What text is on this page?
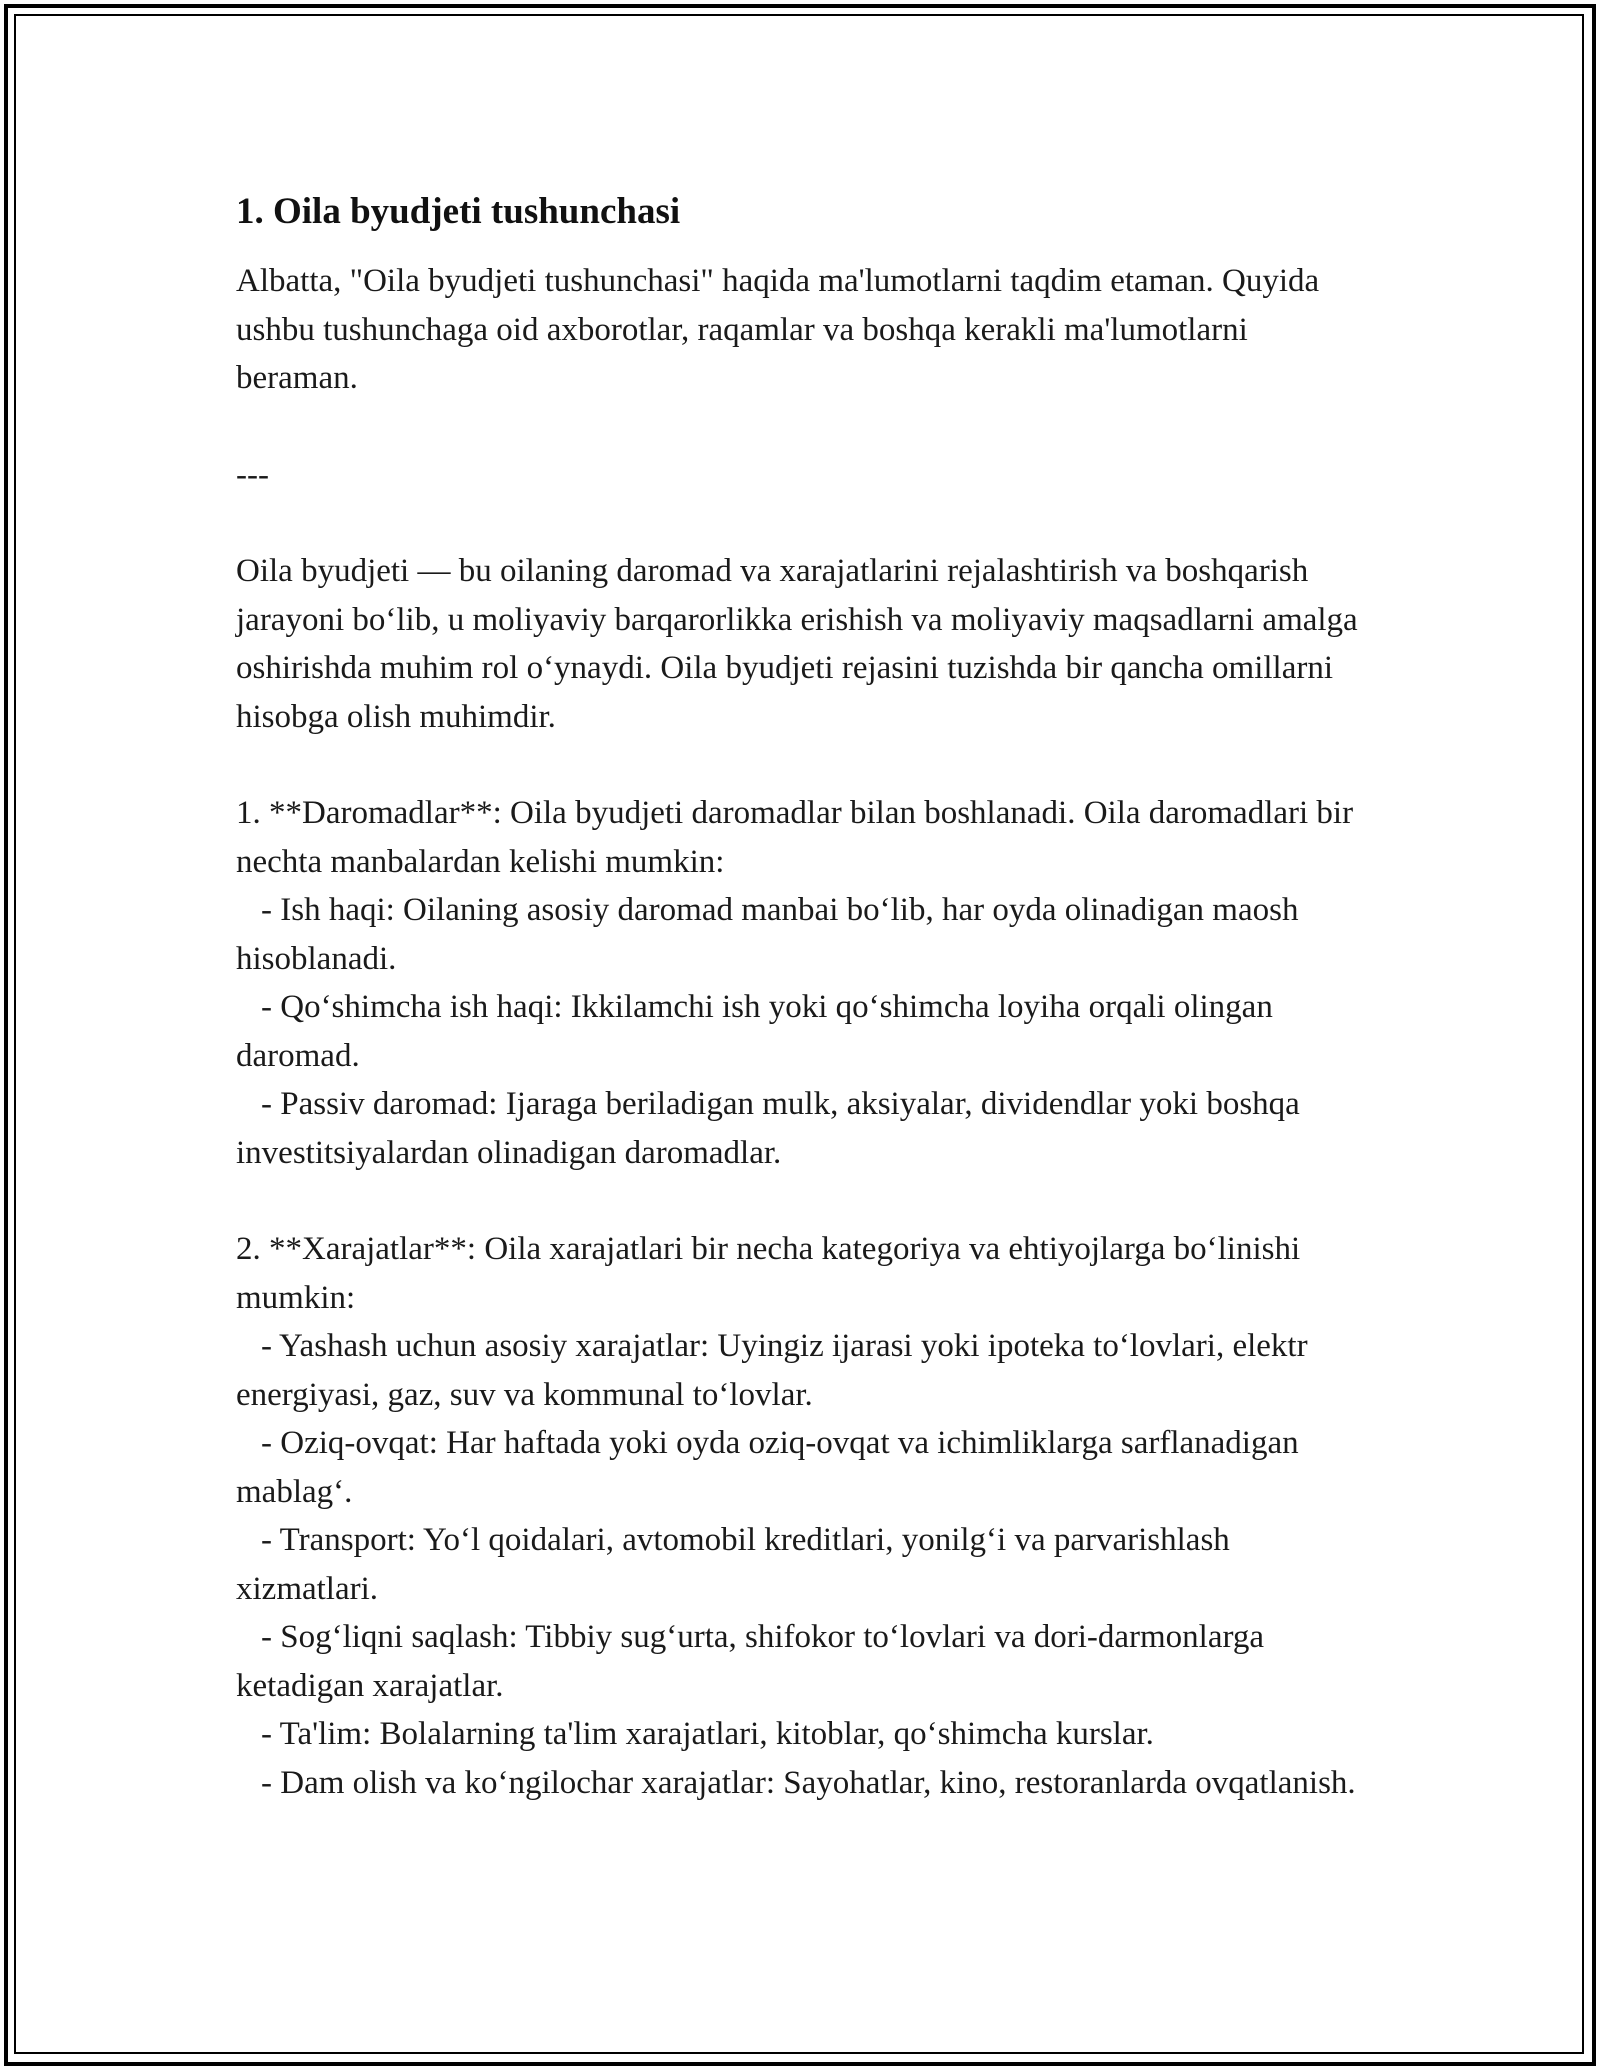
1. Oila byudjeti tushunchasi

Albatta, "Oila byudjeti tushunchasi" haqida ma'lumotlarni taqdim etaman. Quyida ushbu tushunchaga oid axborotlar, raqamlar va boshqa kerakli ma'lumotlarni beraman.

---

Oila byudjeti — bu oilaning daromad va xarajatlarini rejalashtirish va boshqarish jarayoni bo‘lib, u moliyaviy barqarorlikka erishish va moliyaviy maqsadlarni amalga oshirishda muhim rol o‘ynaydi. Oila byudjeti rejasini tuzishda bir qancha omillarni hisobga olish muhimdir.

1. **Daromadlar**: Oila byudjeti daromadlar bilan boshlanadi. Oila daromadlari bir nechta manbalardan kelishi mumkin:

- Ish haqi: Oilaning asosiy daromad manbai bo‘lib, har oyda olinadigan maosh hisoblanadi.

- Qo‘shimcha ish haqi: Ikkilamchi ish yoki qo‘shimcha loyiha orqali olingan daromad.

- Passiv daromad: Ijaraga beriladigan mulk, aksiyalar, dividendlar yoki boshqa investitsiyalardan olinadigan daromadlar.

2. **Xarajatlar**: Oila xarajatlari bir necha kategoriya va ehtiyojlarga bo‘linishi mumkin:

- Yashash uchun asosiy xarajatlar: Uyingiz ijarasi yoki ipoteka to‘lovlari, elektr energiyasi, gaz, suv va kommunal to‘lovlar.

- Oziq-ovqat: Har haftada yoki oyda oziq-ovqat va ichimliklarga sarflanadigan mablag‘.

- Transport: Yo‘l qoidalari, avtomobil kreditlari, yonilg‘i va parvarishlash xizmatlari.

- Sog‘liqni saqlash: Tibbiy sug‘urta, shifokor to‘lovlari va dori-darmonlarga ketadigan xarajatlar.

- Ta'lim: Bolalarning ta'lim xarajatlari, kitoblar, qo‘shimcha kurslar.

- Dam olish va ko‘ngilochar xarajatlar: Sayohatlar, kino, restoranlarda ovqatlanish.
